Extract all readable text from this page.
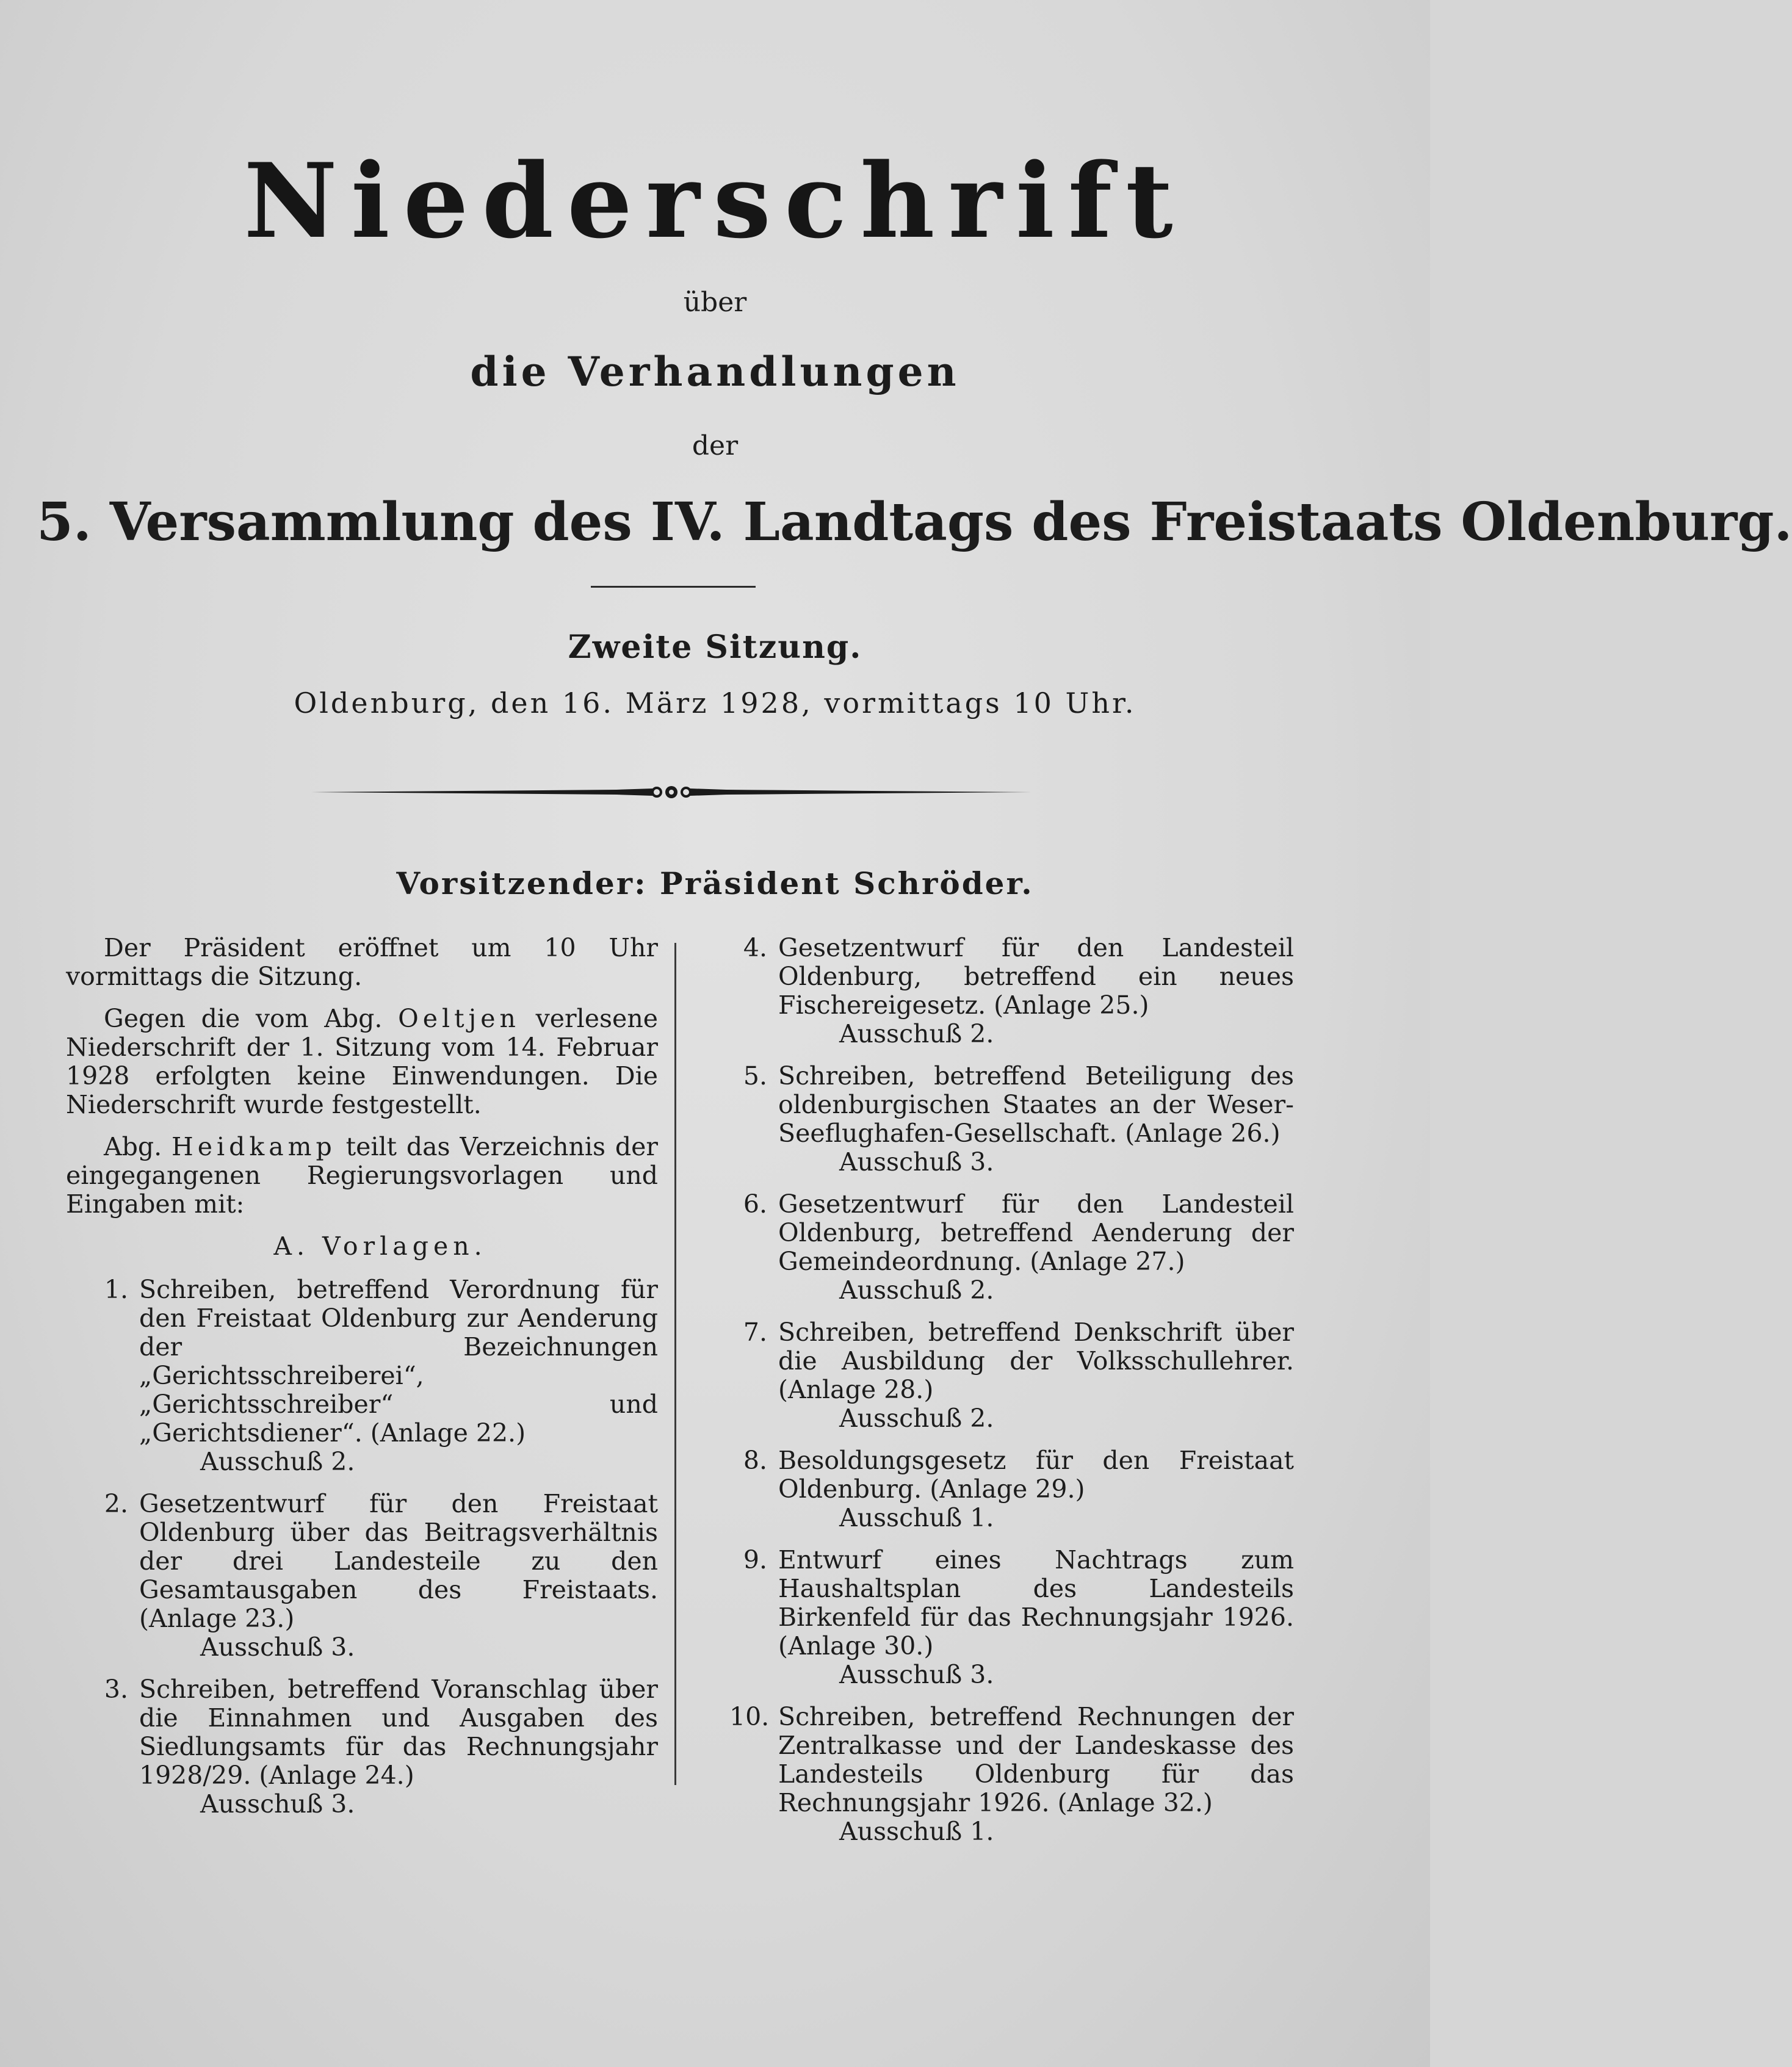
Niederschrift
über
die Verhandlungen
der
5. Versammlung des IV. Landtags des Freistaats Oldenburg.
Zweite Sitzung.
Oldenburg, den 16. März 1928, vormittags 10 Uhr.
Vorsitzender: Präsident Schröder.

Der Präsident eröffnet um 10 Uhr vormittags die Sitzung.

Gegen die vom Abg. Oeltjen verlesene Niederschrift der 1. Sitzung vom 14. Februar 1928 erfolgten keine Einwendungen. Die Niederschrift wurde festgestellt.

Abg. Heidkamp teilt das Verzeichnis der eingegangenen Regierungsvorlagen und Eingaben mit:

A. Vorlagen.
1. Schreiben, betreffend Verordnung für den Freistaat Oldenburg zur Aenderung der Bezeichnungen „Gerichtsschreiberei“, „Gerichtsschreiber“ und „Gerichtsdiener“. (Anlage 22.)
Ausschuß 2.
2. Gesetzentwurf für den Freistaat Oldenburg über das Beitragsverhältnis der drei Landesteile zu den Gesamtausgaben des Freistaats. (Anlage 23.)
Ausschuß 3.
3. Schreiben, betreffend Voranschlag über die Einnahmen und Ausgaben des Siedlungsamts für das Rechnungsjahr 1928/29. (Anlage 24.)
Ausschuß 3.
4. Gesetzentwurf für den Landesteil Oldenburg, betreffend ein neues Fischereigesetz. (Anlage 25.)
Ausschuß 2.
5. Schreiben, betreffend Beteiligung des oldenburgischen Staates an der Weser-Seeflughafen-Gesellschaft. (Anlage 26.)
Ausschuß 3.
6. Gesetzentwurf für den Landesteil Oldenburg, betreffend Aenderung der Gemeindeordnung. (Anlage 27.)
Ausschuß 2.
7. Schreiben, betreffend Denkschrift über die Ausbildung der Volksschullehrer. (Anlage 28.)
Ausschuß 2.
8. Besoldungsgesetz für den Freistaat Oldenburg. (Anlage 29.)
Ausschuß 1.
9. Entwurf eines Nachtrags zum Haushaltsplan des Landesteils Birkenfeld für das Rechnungsjahr 1926. (Anlage 30.)
Ausschuß 3.
10. Schreiben, betreffend Rechnungen der Zentralkasse und der Landeskasse des Landesteils Oldenburg für das Rechnungsjahr 1926. (Anlage 32.)
Ausschuß 1.
